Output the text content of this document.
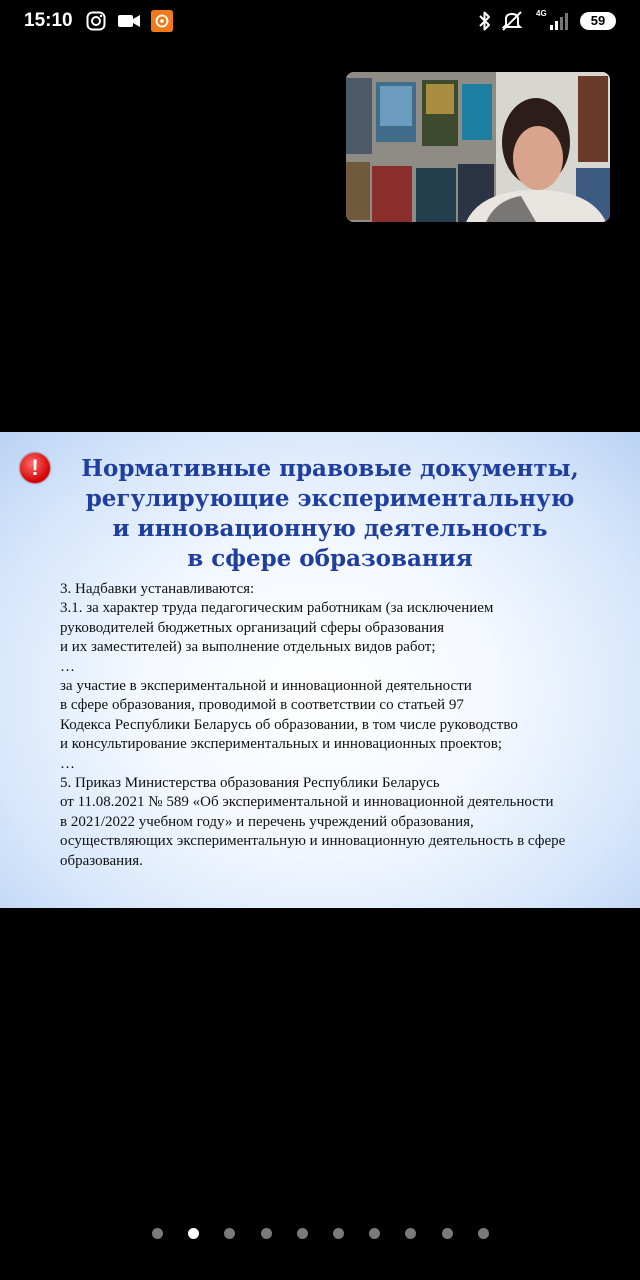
15:10	4G	59
!	Нормативные правовые документы,
регулирующие экспериментальную
и инновационную деятельность
в сфере образования
3. Надбавки устанавливаются:
3.1. за характер труда педагогическим работникам (за исключением
руководителей бюджетных организаций сферы образования
и их заместителей) за выполнение отдельных видов работ;
…
за участие в экспериментальной и инновационной деятельности
в сфере образования, проводимой в соответствии со статьей 97
Кодекса Республики Беларусь об образовании, в том числе руководство
и консультирование экспериментальных и инновационных проектов;
…
5. Приказ Министерства образования Республики Беларусь
от 11.08.2021 № 589 «Об экспериментальной и инновационной деятельности
в 2021/2022 учебном году» и перечень учреждений образования,
осуществляющих экспериментальную и инновационную деятельность в сфере
образования.
